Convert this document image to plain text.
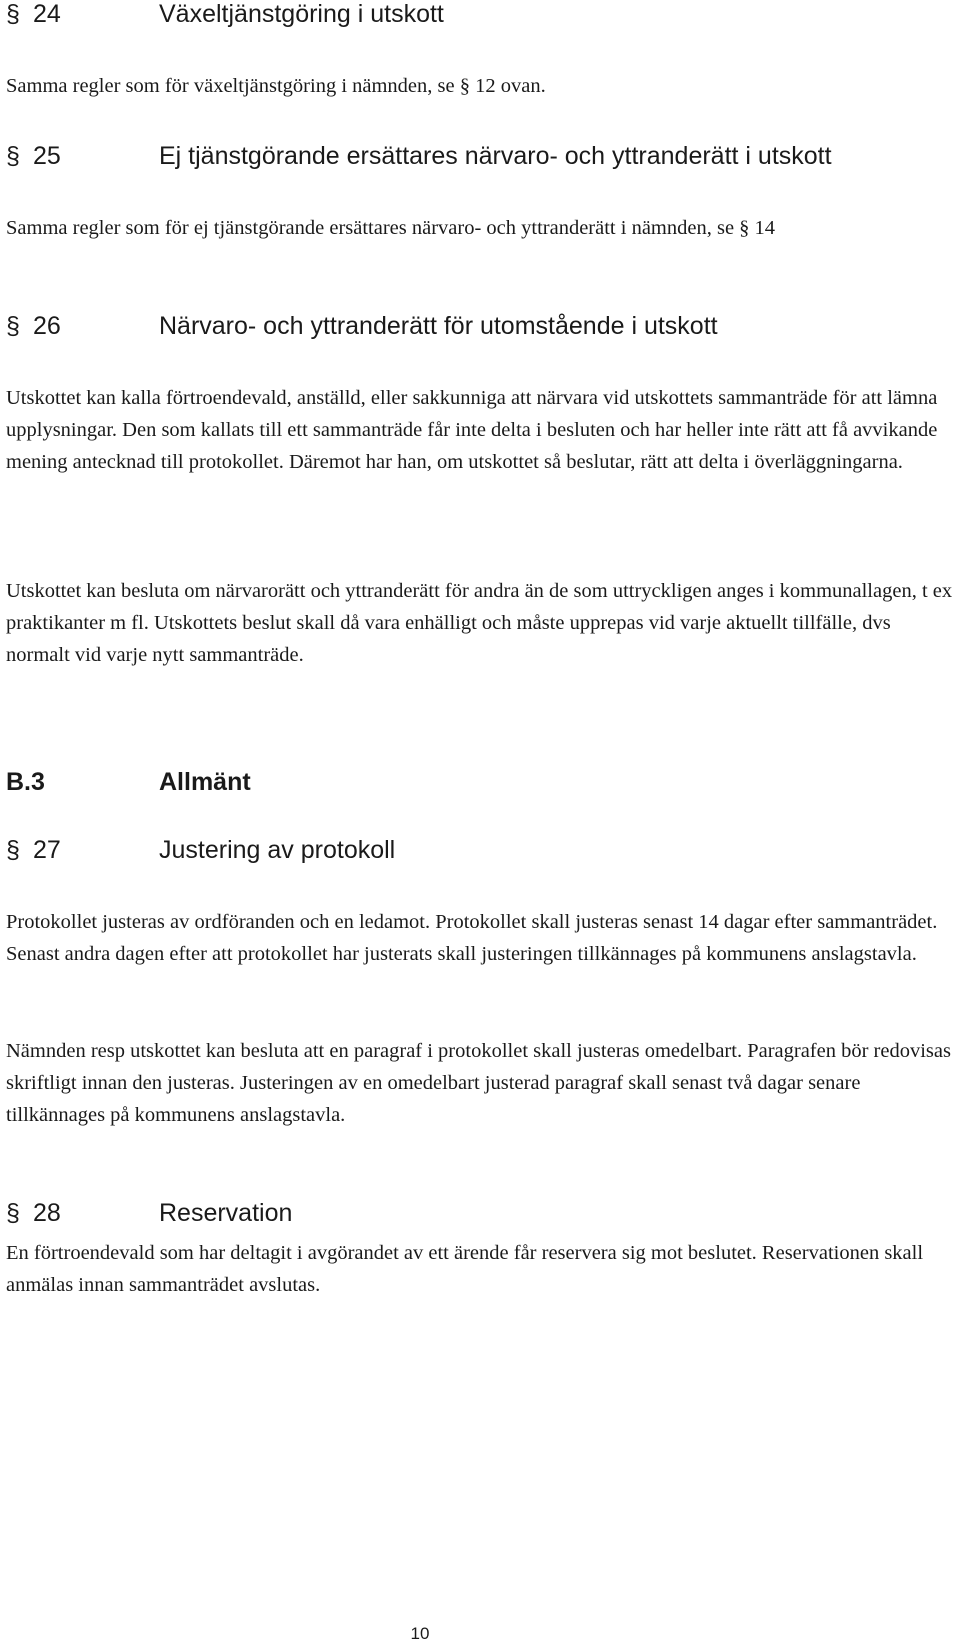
§ 24	Växeltjänstgöring i utskott

Samma regler som för växeltjänstgöring i nämnden, se § 12 ovan.

§ 25	Ej tjänstgörande ersättares närvaro- och yttranderätt i utskott

Samma regler som för ej tjänstgörande ersättares närvaro- och yttranderätt i nämnden, se § 14

§ 26	Närvaro- och yttranderätt för utomstående i utskott

Utskottet kan kalla förtroendevald, anställd, eller sakkunniga att närvara vid utskottets sammanträde för att lämna upplysningar. Den som kallats till ett sammanträde får inte delta i besluten och har heller inte rätt att få avvikande mening antecknad till protokollet. Däremot har han, om utskottet så beslutar, rätt att delta i överläggningarna.

Utskottet kan besluta om närvarorätt och yttranderätt för andra än de som uttryckligen anges i kommunallagen, t ex praktikanter m fl. Utskottets beslut skall då vara enhälligt och måste upprepas vid varje aktuellt tillfälle, dvs normalt vid varje nytt sammanträde.

B.3	Allmänt
§ 27	Justering av protokoll

Protokollet justeras av ordföranden och en ledamot. Protokollet skall justeras senast 14 dagar efter sammanträdet. Senast andra dagen efter att protokollet har justerats skall justeringen tillkännages på kommunens anslagstavla.

Nämnden resp utskottet kan besluta att en paragraf i protokollet skall justeras omedelbart. Paragrafen bör redovisas skriftligt innan den justeras. Justeringen av en omedelbart justerad paragraf skall senast två dagar senare tillkännages på kommunens anslagstavla.

§ 28	Reservation

En förtroendevald som har deltagit i avgörandet av ett ärende får reservera sig mot beslutet. Reservationen skall anmälas innan sammanträdet avslutas.

10
